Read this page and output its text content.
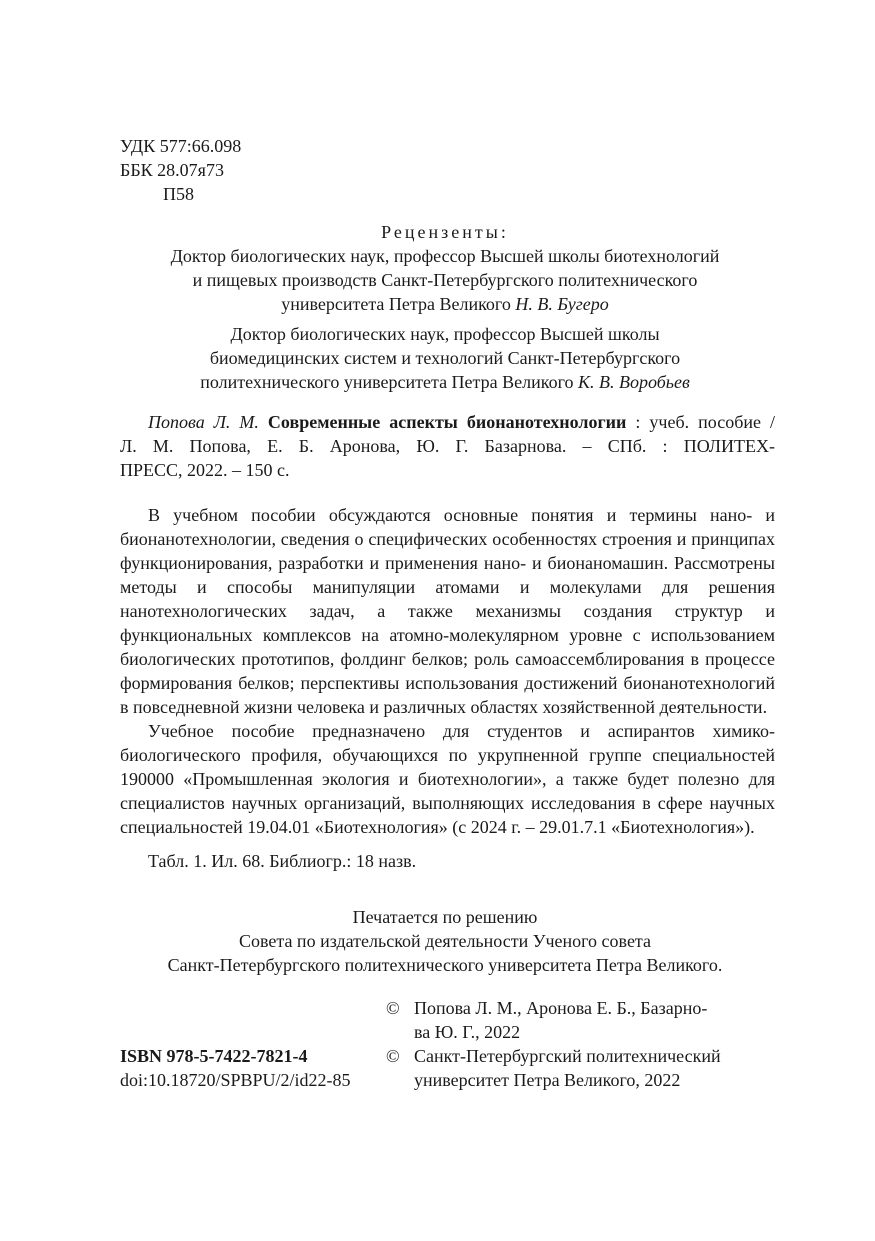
УДК 577:66.098
ББК 28.07я73
П58
Рецензенты:
Доктор биологических наук, профессор Высшей школы биотехнологий
и пищевых производств Санкт-Петербургского политехнического
университета Петра Великого Н. В. Бугеро
Доктор биологических наук, профессор Высшей школы
биомедицинских систем и технологий Санкт-Петербургского
политехнического университета Петра Великого К. В. Воробьев
Попова Л. М. Современные аспекты бионанотехнологии : учеб. пособие /
Л. М. Попова, Е. Б. Аронова, Ю. Г. Базарнова. – СПб. : ПОЛИТЕХ-
ПРЕСС, 2022. – 150 с.

В учебном пособии обсуждаются основные понятия и термины нано- и бионанотехнологии, сведения о специфических особенностях строения и принципах функционирования, разработки и применения нано- и бионаномашин. Рассмотрены методы и способы манипуляции атомами и молекулами для решения нанотехнологических задач, а также механизмы создания структур и функциональных комплексов на атомно-молекулярном уровне с использованием биологических прототипов, фолдинг белков; роль самоассемблирования в процессе формирования белков; перспективы использования достижений бионанотехнологий в повседневной жизни человека и различных областях хозяйственной деятельности.

Учебное пособие предназначено для студентов и аспирантов химико-биологического профиля, обучающихся по укрупненной группе специальностей 190000 «Промышленная экология и биотехнологии», а также будет полезно для специалистов научных организаций, выполняющих исследования в сфере научных специальностей 19.04.01 «Биотехнология» (с 2024 г. – 29.01.7.1 «Биотехнология»).

Табл. 1. Ил. 68. Библиогр.: 18 назв.
Печатается по решению
Совета по издательской деятельности Ученого совета
Санкт-Петербургского политехнического университета Петра Великого.
© Попова Л. М., Аронова Е. Б., Базарно-
ва Ю. Г., 2022
© Санкт-Петербургский политехнический
университет Петра Великого, 2022
ISBN 978-5-7422-7821-4
doi:10.18720/SPBPU/2/id22-85
